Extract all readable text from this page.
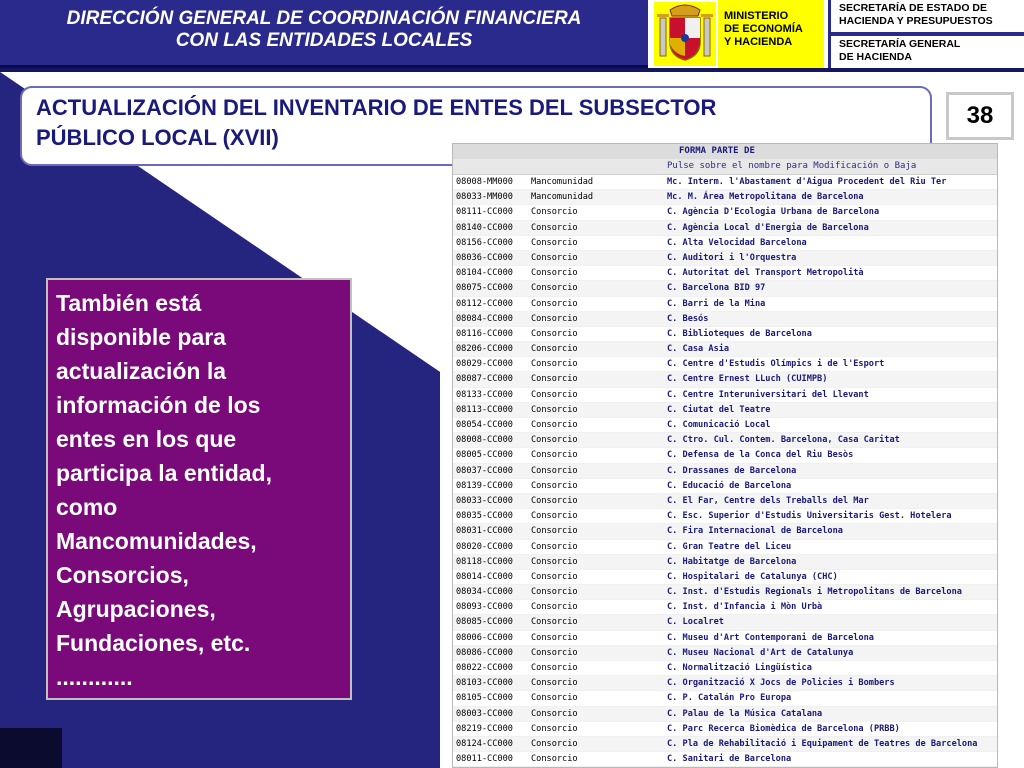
DIRECCIÓN GENERAL DE COORDINACIÓN FINANCIERA
CON LAS ENTIDADES LOCALES
MINISTERIO
DE ECONOMÍA
Y HACIENDA
SECRETARÍA DE ESTADO DE
HACIENDA Y PRESUPUESTOS
SECRETARÍA GENERAL
DE HACIENDA
ACTUALIZACIÓN DEL INVENTARIO DE ENTES DEL SUBSECTOR
PÚBLICO LOCAL (XVII)
38
También está
disponible para
actualización la
información de los
entes en los que
participa la entidad,
como
Mancomunidades,
Consorcios,
Agrupaciones,
Fundaciones, etc.
............
FORMA PARTE DE
Pulse sobre el nombre para Modificación o Baja
08008-MM000 Mancomunidad	Mc. Interm. l'Abastament d'Aigua Procedent del Riu Ter
08033-MM000 Mancomunidad	Mc. M. Área Metropolitana de Barcelona
08111-CC000 Consorcio	C. Agència D'Ecologia Urbana de Barcelona
08140-CC000 Consorcio	C. Agència Local d'Energia de Barcelona
08156-CC000 Consorcio	C. Alta Velocidad Barcelona
08036-CC000 Consorcio	C. Auditori i l'Orquestra
08104-CC000 Consorcio	C. Autoritat del Transport Metropolità
08075-CC000 Consorcio	C. Barcelona BID 97
08112-CC000 Consorcio	C. Barri de la Mina
08084-CC000 Consorcio	C. Besós
08116-CC000 Consorcio	C. Biblioteques de Barcelona
08206-CC000 Consorcio	C. Casa Asia
08029-CC000 Consorcio	C. Centre d'Estudis Olímpics i de l'Esport
08087-CC000 Consorcio	C. Centre Ernest LLuch (CUIMPB)
08133-CC000 Consorcio	C. Centre Interuniversitari del Llevant
08113-CC000 Consorcio	C. Ciutat del Teatre
08054-CC000 Consorcio	C. Comunicació Local
08008-CC000 Consorcio	C. Ctro. Cul. Contem. Barcelona, Casa Caritat
08005-CC000 Consorcio	C. Defensa de la Conca del Riu Besòs
08037-CC000 Consorcio	C. Drassanes de Barcelona
08139-CC000 Consorcio	C. Educació de Barcelona
08033-CC000 Consorcio	C. El Far, Centre dels Treballs del Mar
08035-CC000 Consorcio	C. Esc. Superior d'Estudis Universitaris Gest. Hotelera
08031-CC000 Consorcio	C. Fira Internacional de Barcelona
08020-CC000 Consorcio	C. Gran Teatre del Liceu
08118-CC000 Consorcio	C. Habitatge de Barcelona
08014-CC000 Consorcio	C. Hospitalari de Catalunya (CHC)
08034-CC000 Consorcio	C. Inst. d'Estudis Regionals i Metropolitans de Barcelona
08093-CC000 Consorcio	C. Inst. d'Infancia i Mòn Urbà
08085-CC000 Consorcio	C. Localret
08006-CC000 Consorcio	C. Museu d'Art Contemporani de Barcelona
08086-CC000 Consorcio	C. Museu Nacional d'Art de Catalunya
08022-CC000 Consorcio	C. Normalització Lingüística
08103-CC000 Consorcio	C. Organització X Jocs de Policies i Bombers
08105-CC000 Consorcio	C. P. Catalán Pro Europa
08003-CC000 Consorcio	C. Palau de la Música Catalana
08219-CC000 Consorcio	C. Parc Recerca Biomèdica de Barcelona (PRBB)
08124-CC000 Consorcio	C. Pla de Rehabilitació i Equipament de Teatres de Barcelona
08011-CC000 Consorcio	C. Sanitari de Barcelona
